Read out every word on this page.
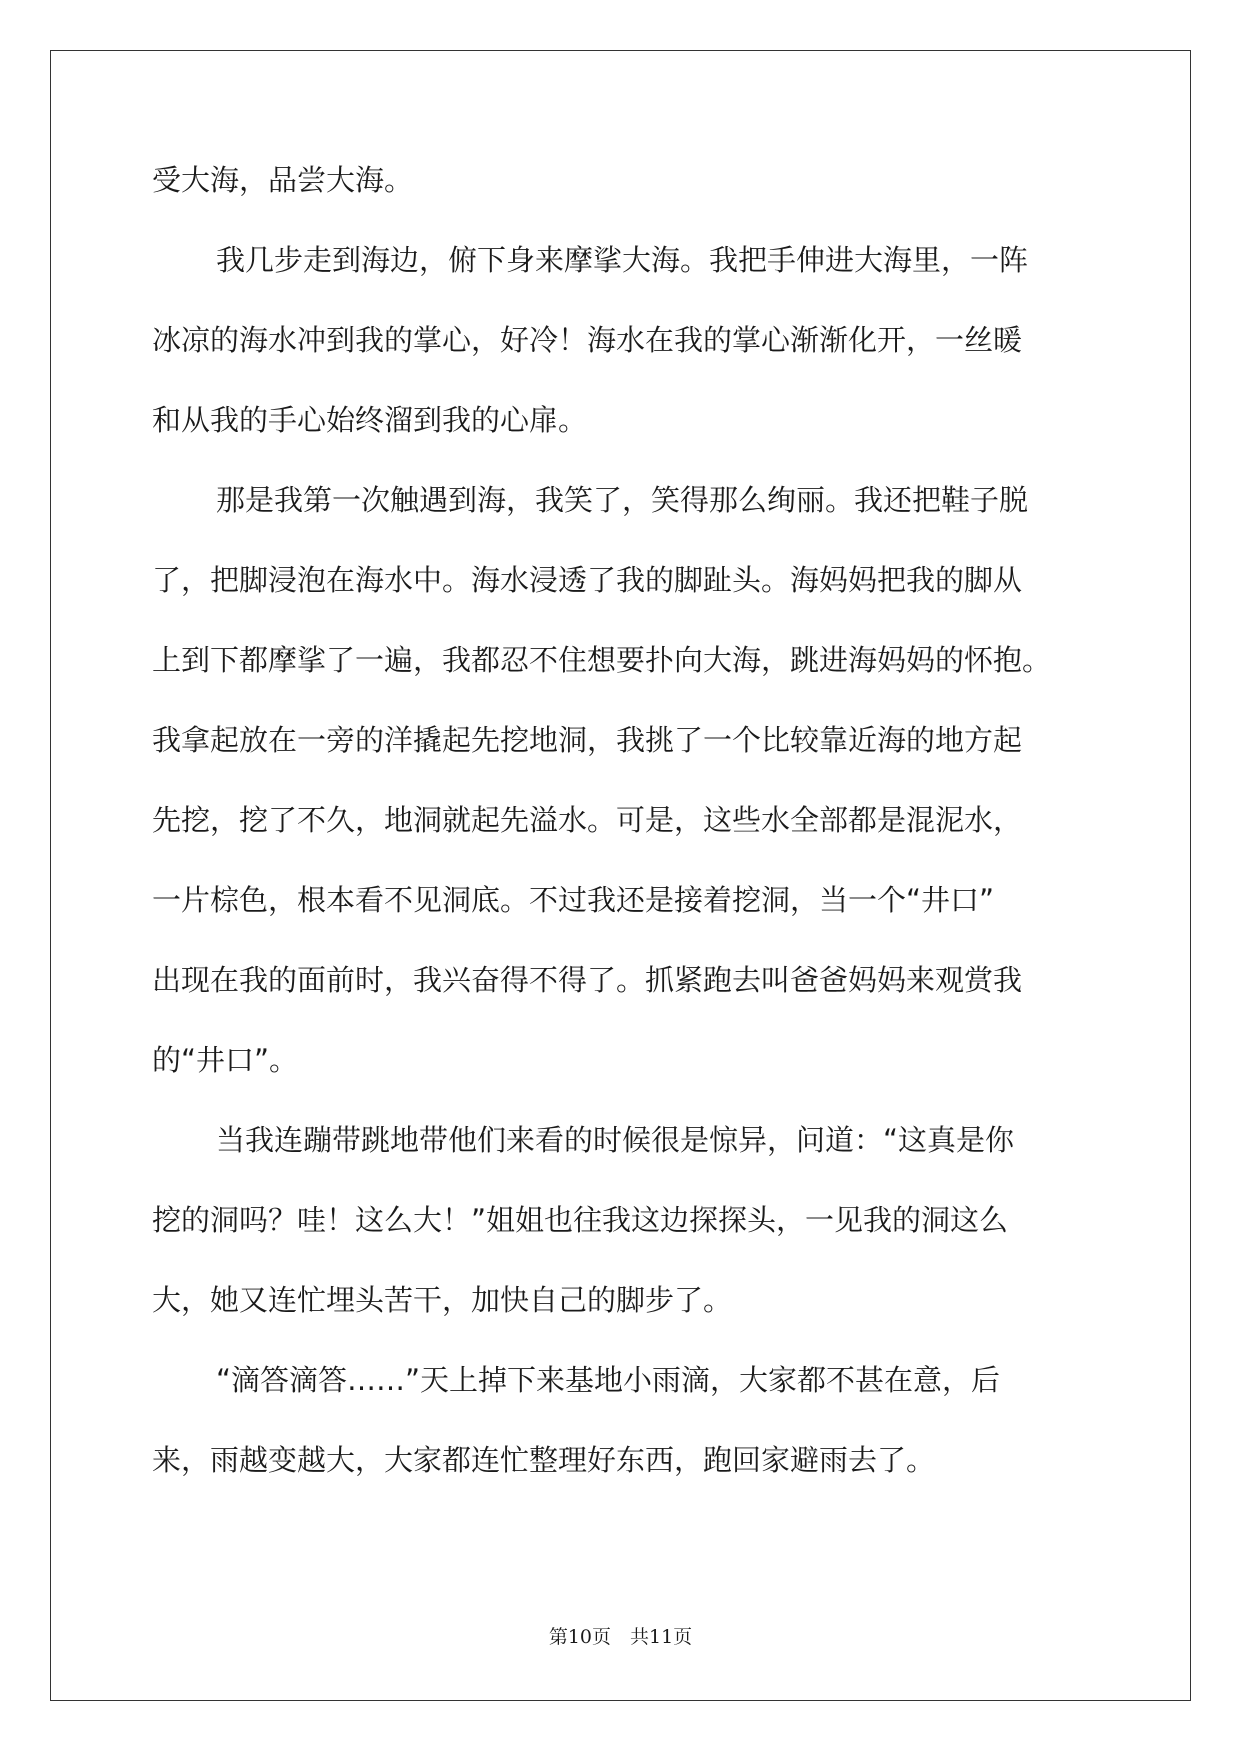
受大海，品尝大海。
我几步走到海边，俯下身来摩挲大海。我把手伸进大海里，一阵
冰凉的海水冲到我的掌心，好冷！海水在我的掌心渐渐化开，一丝暖
和从我的手心始终溜到我的心扉。
那是我第一次触遇到海，我笑了，笑得那么绚丽。我还把鞋子脱
了，把脚浸泡在海水中。海水浸透了我的脚趾头。海妈妈把我的脚从
上到下都摩挲了一遍，我都忍不住想要扑向大海，跳进海妈妈的怀抱。
我拿起放在一旁的洋撬起先挖地洞，我挑了一个比较靠近海的地方起
先挖，挖了不久，地洞就起先溢水。可是，这些水全部都是混泥水，
一片棕色，根本看不见洞底。不过我还是接着挖洞，当一个“井口”
出现在我的面前时，我兴奋得不得了。抓紧跑去叫爸爸妈妈来观赏我
的“井口”。
当我连蹦带跳地带他们来看的时候很是惊异，问道：“这真是你
挖的洞吗？哇！这么大！”姐姐也往我这边探探头，一见我的洞这么
大，她又连忙埋头苦干，加快自己的脚步了。
“滴答滴答……”天上掉下来基地小雨滴，大家都不甚在意，后
来，雨越变越大，大家都连忙整理好东西，跑回家避雨去了。
第10页　共11页
